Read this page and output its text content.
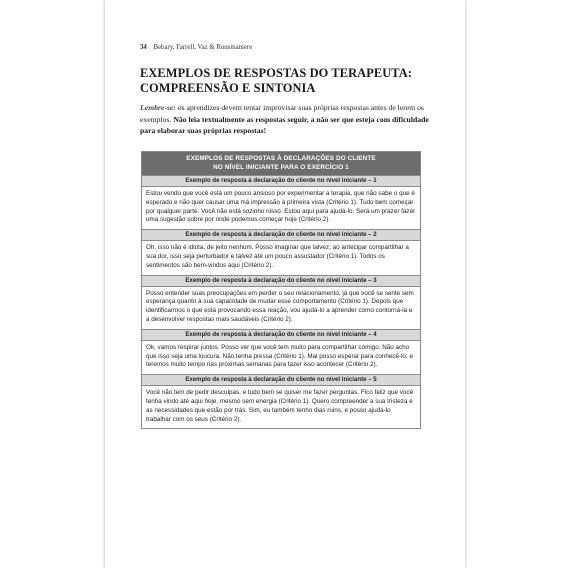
34 Bebary, Farrell, Vaz & Rousmaniere
EXEMPLOS DE RESPOSTAS DO TERAPEUTA: COMPREENSÃO E SINTONIA
Lembre-se: os aprendizes devem tentar improvisar suas próprias respostas antes de lerem os exemplos. Não leia textualmente as respostas seguir, a não ser que esteja com dificuldade para elaborar suas próprias respostas!
EXEMPLOS DE RESPOSTAS À DECLARAÇÕES DO CLIENTE
NO NÍVEL INICIANTE PARA O EXERCÍCIO 1
Exemplo de resposta à declaração do cliente no nível iniciante – 1
Estou vendo que você está um pouco ansioso por experimentar a terapia, que não sabe o que é esperado e não quer causar uma má impressão à primeira vista (Critério 1). Tudo bem começar por qualquer parte. Você não está sozinho nisso. Estou aqui para ajudá-lo. Será um prazer fazer uma sugestão sobre por onde podemos começar hoje (Critério 2).
Exemplo de resposta à declaração do cliente no nível iniciante – 2
Oh, isso não é idiota, de jeito nenhum. Posso imaginar que talvez, ao antecipar compartilhar a sua dor, isso seja perturbador e talvez até um pouco assustador (Critério 1). Todos os sentimentos são bem-vindos aqui (Critério 2).
Exemplo de resposta à declaração do cliente no nível iniciante – 3
Posso entender suas preocupações em perder o seu relacionamento, já que você se sente sem esperança quanto à sua capacidade de mudar esse comportamento (Critério 1). Depois que identificarmos o que está provocando essa reação, vou ajudá-lo a aprender como contorná-la e a desenvolver respostas mais saudáveis (Critério 2).
Exemplo de resposta à declaração do cliente no nível iniciante – 4
Ok, vamos respirar juntos. Posso ver que você tem muito para compartilhar comigo. Não acho que isso seja uma loucura. Não tenha pressa (Critério 1). Mal posso esperar para conhecê-lo, e teremos muito tempo nas próximas semanas para fazer isso acontecer (Critério 2).
Exemplo de resposta à declaração do cliente no nível iniciante – 5
Você não tem de pedir desculpas, e tudo bem se quiser me fazer perguntas. Fico feliz que você tenha vindo até aqui hoje, mesmo sem energia (Critério 1). Quero compreender a sua tristeza e as necessidades que estão por trás. Sim, eu também tenho dias ruins, e posso ajudá-lo trabalhar com os seus (Critério 2).
